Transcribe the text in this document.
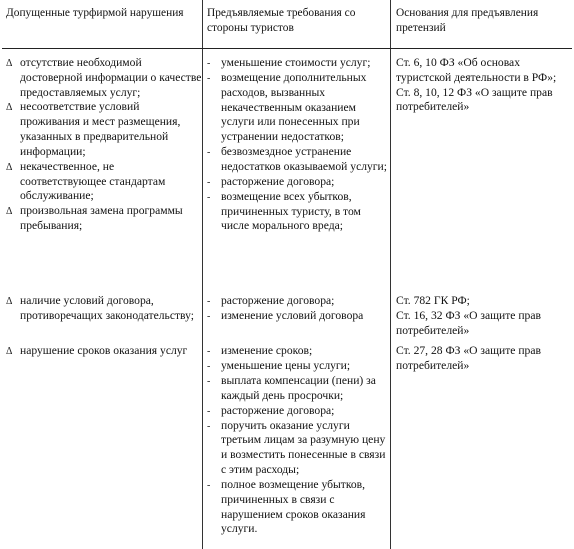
Допущенные турфирмой нарушения
Δ отсутствие необходимой достоверной информации о качестве предоставляемых услуг;
Δ несоответствие условий проживания и мест размещения, указанных в предварительной информации;
Δ некачественное, не соответствующее стандартам обслуживание;
Δ произвольная замена программы пребывания;
Δ наличие условий договора, противоречащих законодательству;
Δ нарушение сроков оказания услуг
Предъявляемые требования со стороны туристов
- уменьшение стоимости услуг;
- возмещение дополнительных расходов, вызванных некачественным оказанием услуги или понесенных при устранении недостатков;
- безвозмездное устранение недостатков оказываемой услуги;
- расторжение договора;
- возмещение всех убытков, причиненных туристу, в том числе морального вреда;
- расторжение договора;
- изменение условий договора
- изменение сроков;
- уменьшение цены услуги;
- выплата компенсации (пени) за каждый день просрочки;
- расторжение договора;
- поручить оказание услуги третьим лицам за разумную цену и возместить понесенные в связи с этим расходы;
- полное возмещение убытков, причиненных в связи с нарушением сроков оказания услуги.
Основания для предъявления претензий
Ст. 6, 10 ФЗ «Об основах туристской деятельности в РФ»;
Ст. 8, 10, 12 ФЗ «О защите прав потребителей»
Ст. 782 ГК РФ;
Ст. 16, 32 ФЗ «О защите прав потребителей»
Ст. 27, 28 ФЗ «О защите прав потребителей»
